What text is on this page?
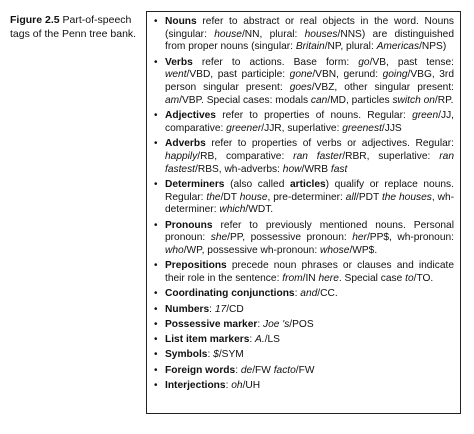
Figure 2.5 Part-of-speech tags of the Penn tree bank.
• Nouns refer to abstract or real objects in the word. Nouns (singular: house/NN, plural: houses/NNS) are distinguished from proper nouns (singular: Britain/NP, plural: Americas/NPS)
• Verbs refer to actions. Base form: go/VB, past tense: went/VBD, past participle: gone/VBN, gerund: going/VBG, 3rd person singular present: goes/VBZ, other singular present: am/VBP. Special cases: modals can/MD, particles switch on/RP.
• Adjectives refer to properties of nouns. Regular: green/JJ, comparative: greener/JJR, superlative: greenest/JJS
• Adverbs refer to properties of verbs or adjectives. Regular: happily/RB, comparative: ran faster/RBR, superlative: ran fastest/RBS, wh-adverbs: how/WRB fast
• Determiners (also called articles) qualify or replace nouns. Regular: the/DT house, pre-determiner: all/PDT the houses, wh-determiner: which/WDT.
• Pronouns refer to previously mentioned nouns. Personal pronoun: she/PP, possessive pronoun: her/PP$, wh-pronoun: who/WP, possessive wh-pronoun: whose/WP$.
• Prepositions precede noun phrases or clauses and indicate their role in the sentence: from/IN here. Special case to/TO.
• Coordinating conjunctions: and/CC.
• Numbers: 17/CD
• Possessive marker: Joe 's/POS
• List item markers: A./LS
• Symbols: $/SYM
• Foreign words: de/FW facto/FW
• Interjections: oh/UH
